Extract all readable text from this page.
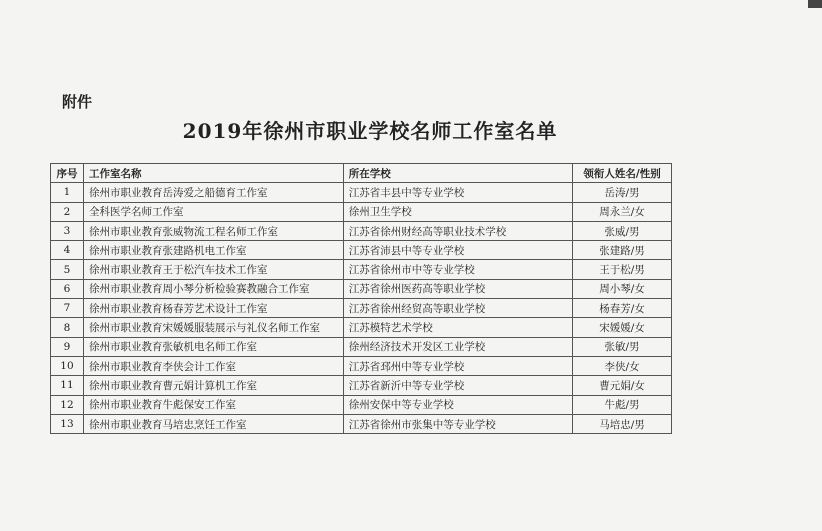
附件
2019年徐州市职业学校名师工作室名单
序号	工作室名称	所在学校	领衔人姓名/性别
1	徐州市职业教育岳涛爱之船德育工作室	江苏省丰县中等专业学校	岳涛/男
2	全科医学名师工作室	徐州卫生学校	周永兰/女
3	徐州市职业教育张威物流工程名师工作室	江苏省徐州财经高等职业技术学校	张威/男
4	徐州市职业教育张建路机电工作室	江苏省沛县中等专业学校	张建路/男
5	徐州市职业教育王于松汽车技术工作室	江苏省徐州市中等专业学校	王于松/男
6	徐州市职业教育周小琴分析检验赛教融合工作室	江苏省徐州医药高等职业学校	周小琴/女
7	徐州市职业教育杨春芳艺术设计工作室	江苏省徐州经贸高等职业学校	杨春芳/女
8	徐州市职业教育宋媛媛服装展示与礼仪名师工作室	江苏模特艺术学校	宋媛媛/女
9	徐州市职业教育张敏机电名师工作室	徐州经济技术开发区工业学校	张敏/男
10	徐州市职业教育李侠会计工作室	江苏省邳州中等专业学校	李侠/女
11	徐州市职业教育曹元娟计算机工作室	江苏省新沂中等专业学校	曹元娟/女
12	徐州市职业教育牛彪保安工作室	徐州安保中等专业学校	牛彪/男
13	徐州市职业教育马培忠烹饪工作室	江苏省徐州市张集中等专业学校	马培忠/男
